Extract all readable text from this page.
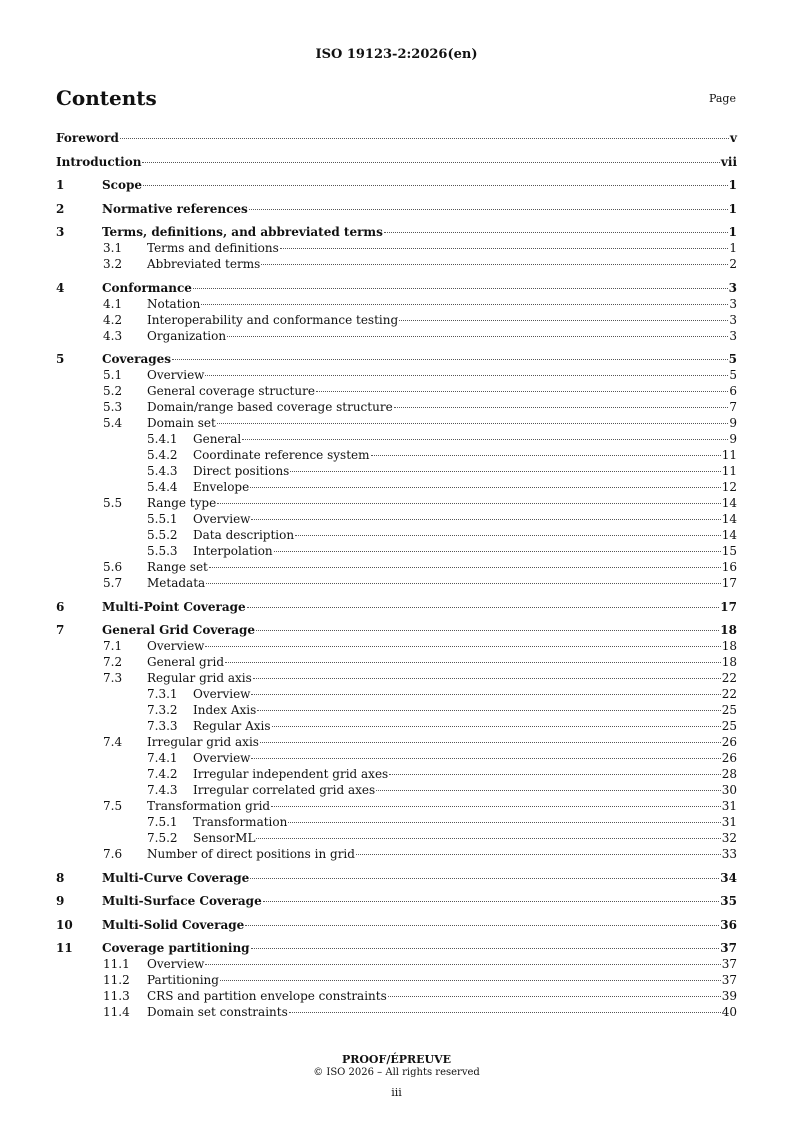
ISO 19123-2:2026(en)
Contents	Page
Foreword	v
Introduction	vii
1	Scope	1
2	Normative references	1
3	Terms, definitions, and abbreviated terms	1
3.1 Terms and definitions	1
3.2 Abbreviated terms	2
4	Conformance	3
4.1 Notation	3
4.2 Interoperability and conformance testing	3
4.3 Organization	3
5	Coverages	5
5.1 Overview	5
5.2 General coverage structure	6
5.3 Domain/range based coverage structure	7
5.4 Domain set	9
5.4.1 General	9
5.4.2 Coordinate reference system	11
5.4.3 Direct positions	11
5.4.4 Envelope	12
5.5 Range type	14
5.5.1 Overview	14
5.5.2 Data description	14
5.5.3 Interpolation	15
5.6 Range set	16
5.7 Metadata	17
6	Multi-Point Coverage	17
7	General Grid Coverage	18
7.1 Overview	18
7.2 General grid	18
7.3 Regular grid axis	22
7.3.1 Overview	22
7.3.2 Index Axis	25
7.3.3 Regular Axis	25
7.4 Irregular grid axis	26
7.4.1 Overview	26
7.4.2 Irregular independent grid axes	28
7.4.3 Irregular correlated grid axes	30
7.5 Transformation grid	31
7.5.1 Transformation	31
7.5.2 SensorML	32
7.6 Number of direct positions in grid	33
8	Multi-Curve Coverage	34
9	Multi-Surface Coverage	35
10 Multi-Solid Coverage	36
11 Coverage partitioning	37
11.1 Overview	37
11.2 Partitioning	37
11.3 CRS and partition envelope constraints	39
11.4 Domain set constraints	40
PROOF/ÉPREUVE
© ISO 2026 – All rights reserved
iii
